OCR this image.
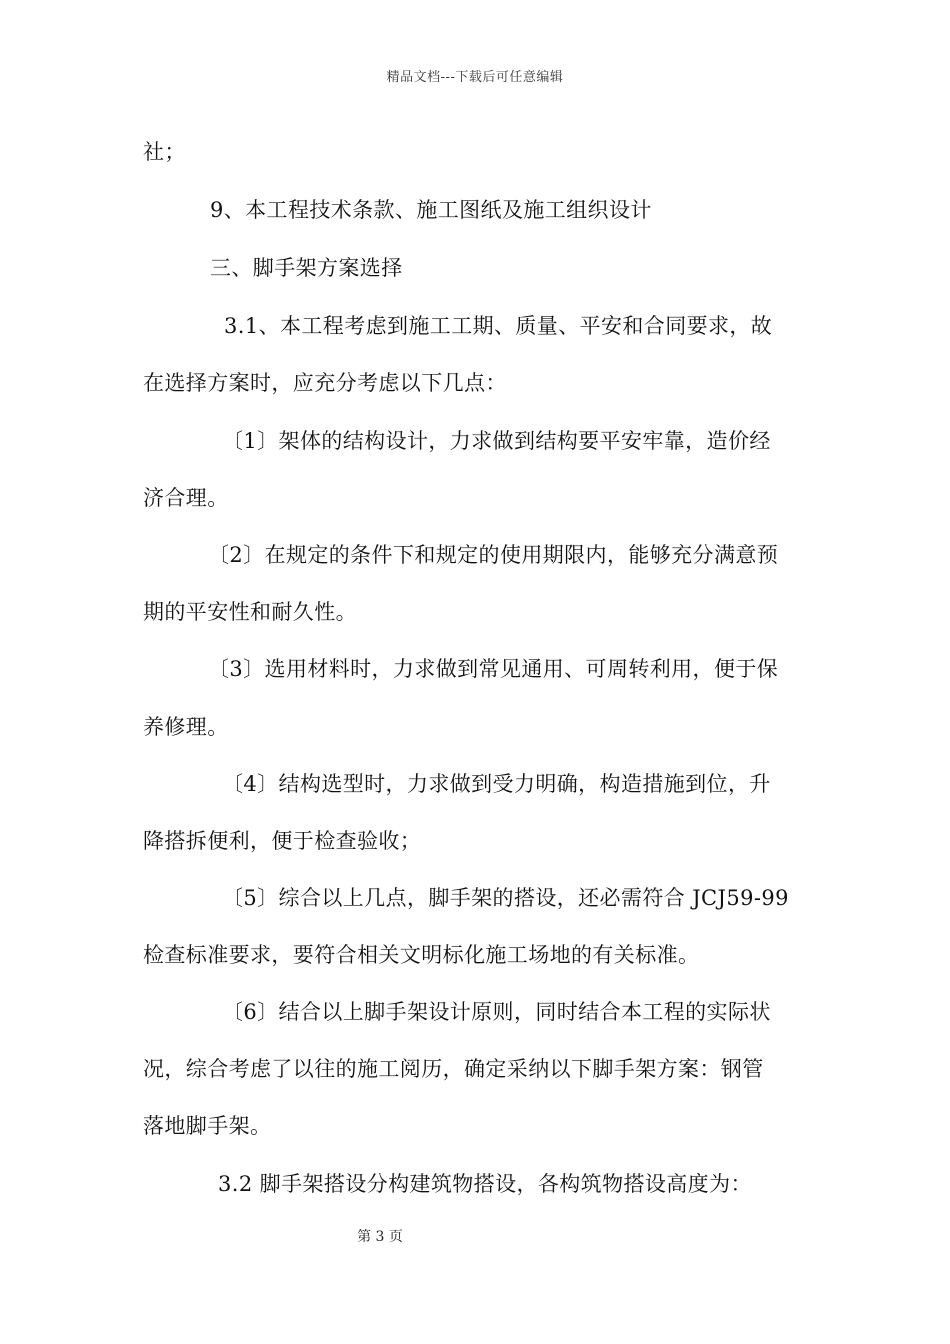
精品文档---下载后可任意编辑
社；
9、本工程技术条款、施工图纸及施工组织设计
三、脚手架方案选择
3.1、本工程考虑到施工工期、质量、平安和合同要求，故
在选择方案时，应充分考虑以下几点：
〔1〕架体的结构设计，力求做到结构要平安牢靠，造价经
济合理。
〔2〕在规定的条件下和规定的使用期限内，能够充分满意预
期的平安性和耐久性。
〔3〕选用材料时，力求做到常见通用、可周转利用，便于保
养修理。
〔4〕结构选型时，力求做到受力明确，构造措施到位，升
降搭拆便利，便于检查验收；
〔5〕综合以上几点，脚手架的搭设，还必需符合 JCJ59-99
检查标准要求，要符合相关文明标化施工场地的有关标准。
〔6〕结合以上脚手架设计原则，同时结合本工程的实际状
况，综合考虑了以往的施工阅历，确定采纳以下脚手架方案：钢管
落地脚手架。
3.2 脚手架搭设分构建筑物搭设，各构筑物搭设高度为：
第 3 页
